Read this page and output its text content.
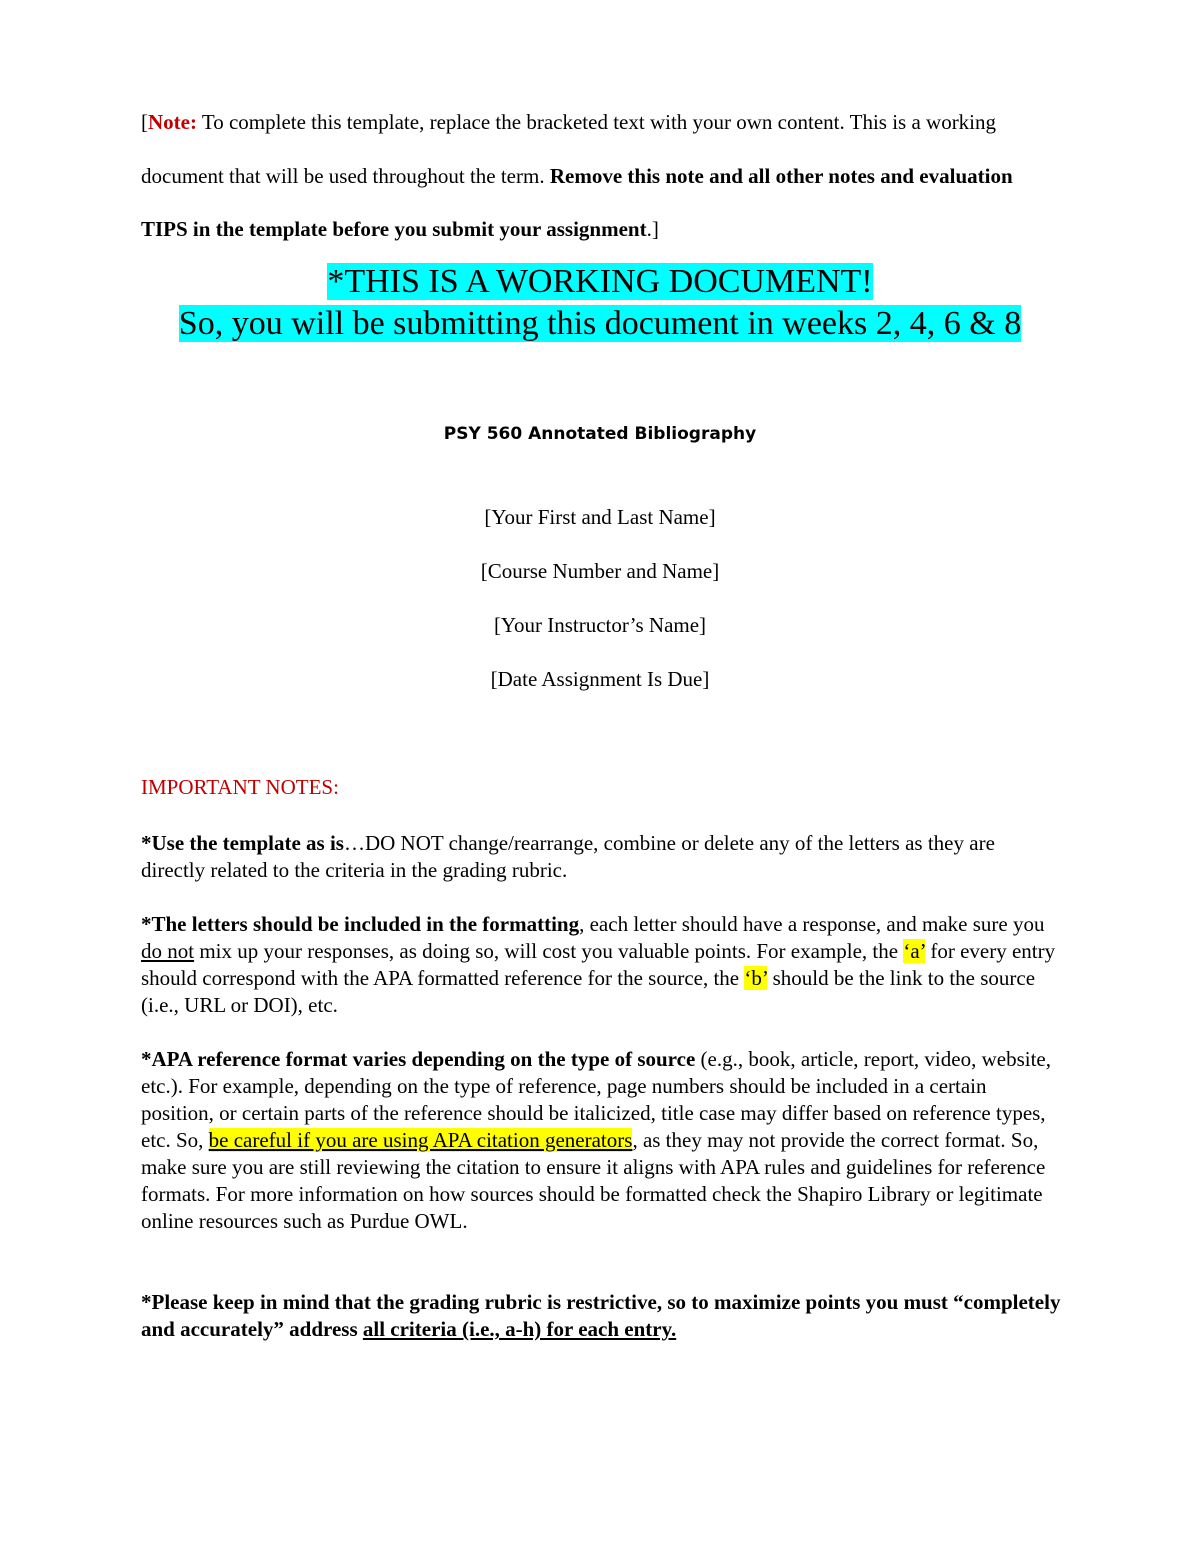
[Note: To complete this template, replace the bracketed text with your own content. This is a working document that will be used throughout the term. Remove this note and all other notes and evaluation TIPS in the template before you submit your assignment.]
*THIS IS A WORKING DOCUMENT!
So, you will be submitting this document in weeks 2, 4, 6 & 8
PSY 560 Annotated Bibliography
[Your First and Last Name]
[Course Number and Name]
[Your Instructor’s Name]
[Date Assignment Is Due]
IMPORTANT NOTES:
*Use the template as is…DO NOT change/rearrange, combine or delete any of the letters as they are directly related to the criteria in the grading rubric.
*The letters should be included in the formatting, each letter should have a response, and make sure you do not mix up your responses, as doing so, will cost you valuable points. For example, the ‘a’ for every entry should correspond with the APA formatted reference for the source, the ‘b’ should be the link to the source (i.e., URL or DOI), etc.
*APA reference format varies depending on the type of source (e.g., book, article, report, video, website, etc.). For example, depending on the type of reference, page numbers should be included in a certain position, or certain parts of the reference should be italicized, title case may differ based on reference types, etc. So, be careful if you are using APA citation generators, as they may not provide the correct format. So, make sure you are still reviewing the citation to ensure it aligns with APA rules and guidelines for reference formats. For more information on how sources should be formatted check the Shapiro Library or legitimate online resources such as Purdue OWL.
*Please keep in mind that the grading rubric is restrictive, so to maximize points you must “completely and accurately” address all criteria (i.e., a-h) for each entry.
